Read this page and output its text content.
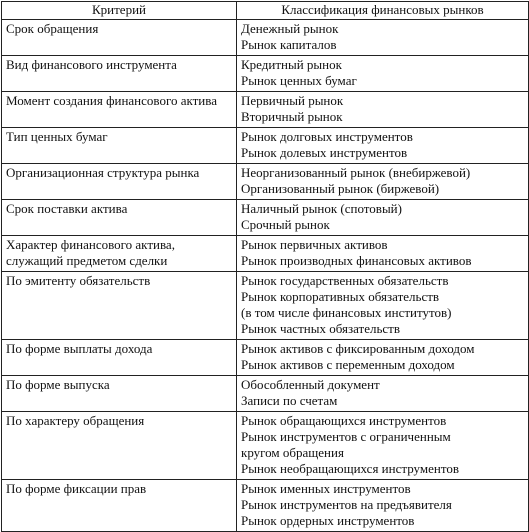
Критерий	Классификация финансовых рынков
Срок обращения	Денежный рынок
Рынок капиталов

Вид финансового инструмента	Кредитный рынок
Рынок ценных бумаг

Момент создания финансового актива	Первичный рынок
Вторичный рынок

Тип ценных бумаг	Рынок долговых инструментов
Рынок долевых инструментов

Организационная структура рынка	Неорганизованный рынок (внебиржевой)
Организованный рынок (биржевой)

Срок поставки актива	Наличный рынок (спотовый)
Срочный рынок

Характер финансового актива, служащий предметом сделки	Рынок первичных активов
Рынок производных финансовых активов

По эмитенту обязательств	Рынок государственных обязательств
Рынок корпоративных обязательств
(в том числе финансовых институтов)
Рынок частных обязательств

По форме выплаты дохода	Рынок активов с фиксированным доходом
Рынок активов с переменным доходом

По форме выпуска	Обособленный документ
Записи по счетам

По характеру обращения	Рынок обращающихся инструментов
Рынок инструментов с ограниченным
кругом обращения
Рынок необращающихся инструментов

По форме фиксации прав	Рынок именных инструментов
Рынок инструментов на предъявителя
Рынок ордерных инструментов
